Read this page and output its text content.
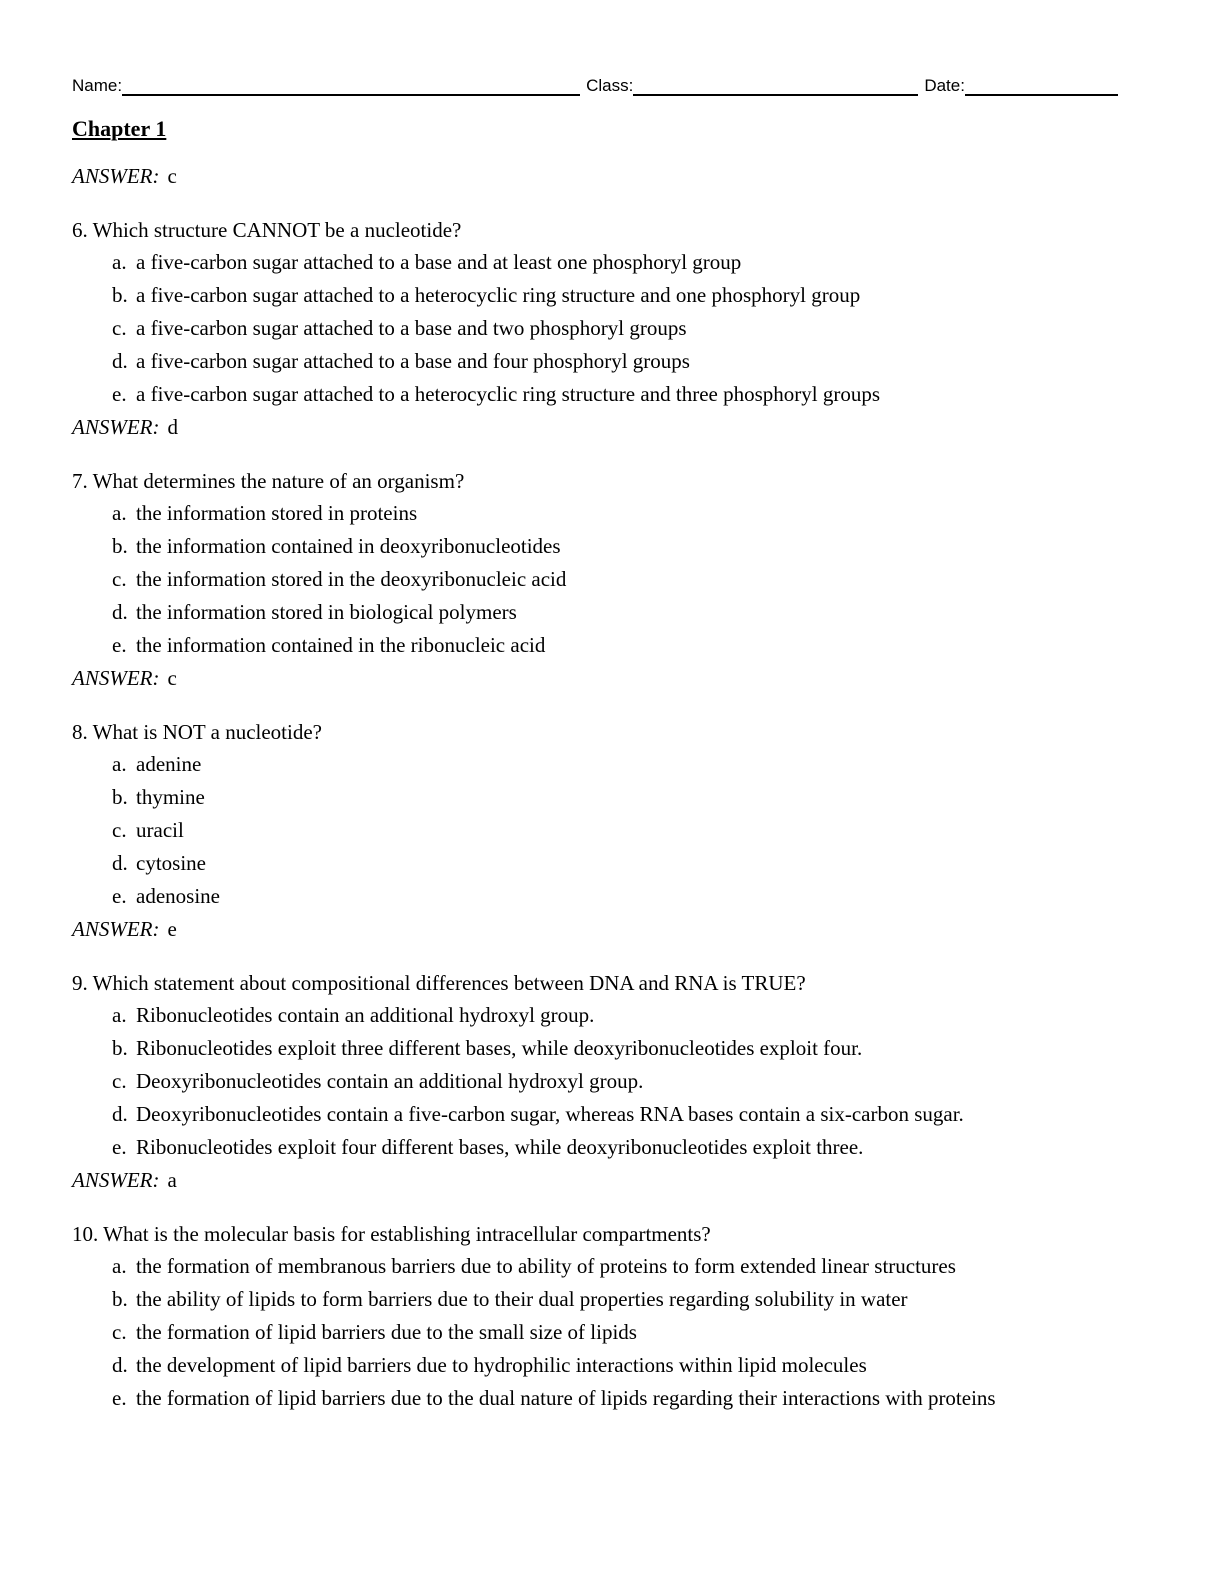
Name:	Class:	Date:
Chapter 1
ANSWER: c
6. Which structure CANNOT be a nucleotide?
a. a five-carbon sugar attached to a base and at least one phosphoryl group
b. a five-carbon sugar attached to a heterocyclic ring structure and one phosphoryl group
c. a five-carbon sugar attached to a base and two phosphoryl groups
d. a five-carbon sugar attached to a base and four phosphoryl groups
e. a five-carbon sugar attached to a heterocyclic ring structure and three phosphoryl groups
ANSWER: d
7. What determines the nature of an organism?
a. the information stored in proteins
b. the information contained in deoxyribonucleotides
c. the information stored in the deoxyribonucleic acid
d. the information stored in biological polymers
e. the information contained in the ribonucleic acid
ANSWER: c
8. What is NOT a nucleotide?
a. adenine
b. thymine
c. uracil
d. cytosine
e. adenosine
ANSWER: e
9. Which statement about compositional differences between DNA and RNA is TRUE?
a. Ribonucleotides contain an additional hydroxyl group.
b. Ribonucleotides exploit three different bases, while deoxyribonucleotides exploit four.
c. Deoxyribonucleotides contain an additional hydroxyl group.
d. Deoxyribonucleotides contain a five-carbon sugar, whereas RNA bases contain a six-carbon sugar.
e. Ribonucleotides exploit four different bases, while deoxyribonucleotides exploit three.
ANSWER: a
10. What is the molecular basis for establishing intracellular compartments?
a. the formation of membranous barriers due to ability of proteins to form extended linear structures
b. the ability of lipids to form barriers due to their dual properties regarding solubility in water
c. the formation of lipid barriers due to the small size of lipids
d. the development of lipid barriers due to hydrophilic interactions within lipid molecules
e. the formation of lipid barriers due to the dual nature of lipids regarding their interactions with proteins
